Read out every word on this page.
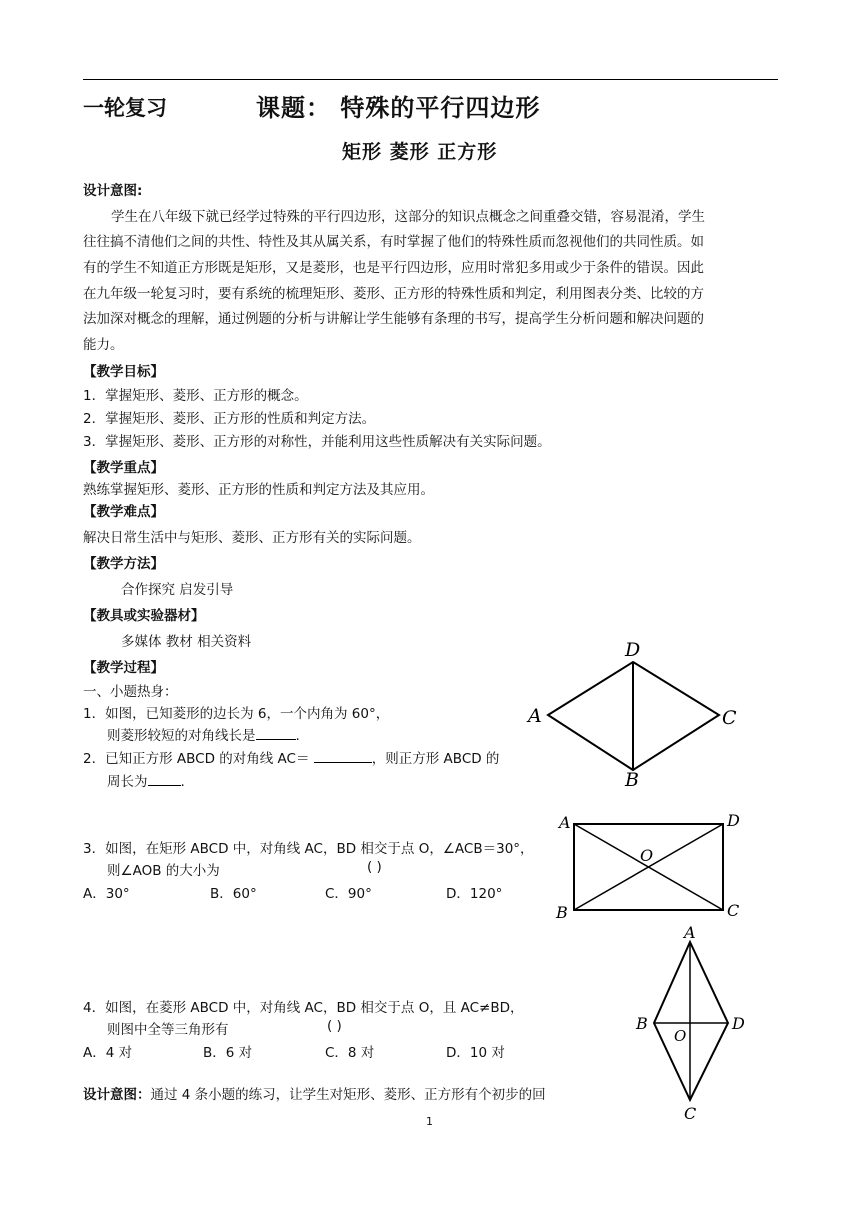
一轮复习	课题： 特殊的平行四边形
矩形 菱形 正方形
设计意图:
学生在八年级下就已经学过特殊的平行四边形，这部分的知识点概念之间重叠交错，容易混淆，学生
往往搞不清他们之间的共性、特性及其从属关系，有时掌握了他们的特殊性质而忽视他们的共同性质。如
有的学生不知道正方形既是矩形，又是菱形，也是平行四边形，应用时常犯多用或少于条件的错误。因此
在九年级一轮复习时，要有系统的梳理矩形、菱形、正方形的特殊性质和判定，利用图表分类、比较的方
法加深对概念的理解，通过例题的分析与讲解让学生能够有条理的书写，提高学生分析问题和解决问题的
能力。
【教学目标】
1．掌握矩形、菱形、正方形的概念。
2．掌握矩形、菱形、正方形的性质和判定方法。
3．掌握矩形、菱形、正方形的对称性，并能利用这些性质解决有关实际问题。
【教学重点】
熟练掌握矩形、菱形、正方形的性质和判定方法及其应用。
【教学难点】
解决日常生活中与矩形、菱形、正方形有关的实际问题。
【教学方法】
合作探究 启发引导
【教具或实验器材】
多媒体 教材 相关资料
【教学过程】
一、小题热身：
1．如图，已知菱形的边长为 6，一个内角为 60°，
则菱形较短的对角线长是	.
2．已知正方形 ABCD 的对角线 AC＝	，则正方形 ABCD 的
周长为 .
3．如图，在矩形 ABCD 中，对角线 AC，BD 相交于点 O，∠ACB＝30°，
则∠AOB 的大小为	( )
A．30°	B．60°	C．90°	D．120°
4．如图，在菱形 ABCD 中，对角线 AC，BD 相交于点 O，且 AC≠BD，
则图中全等三角形有	( )
A．4 对	B．6 对	C．8 对	D．10 对
设计意图：通过 4 条小题的练习，让学生对矩形、菱形、正方形有个初步的回
1
A
D
C
B
A	D
B	C
O
A
B	D
C
O
